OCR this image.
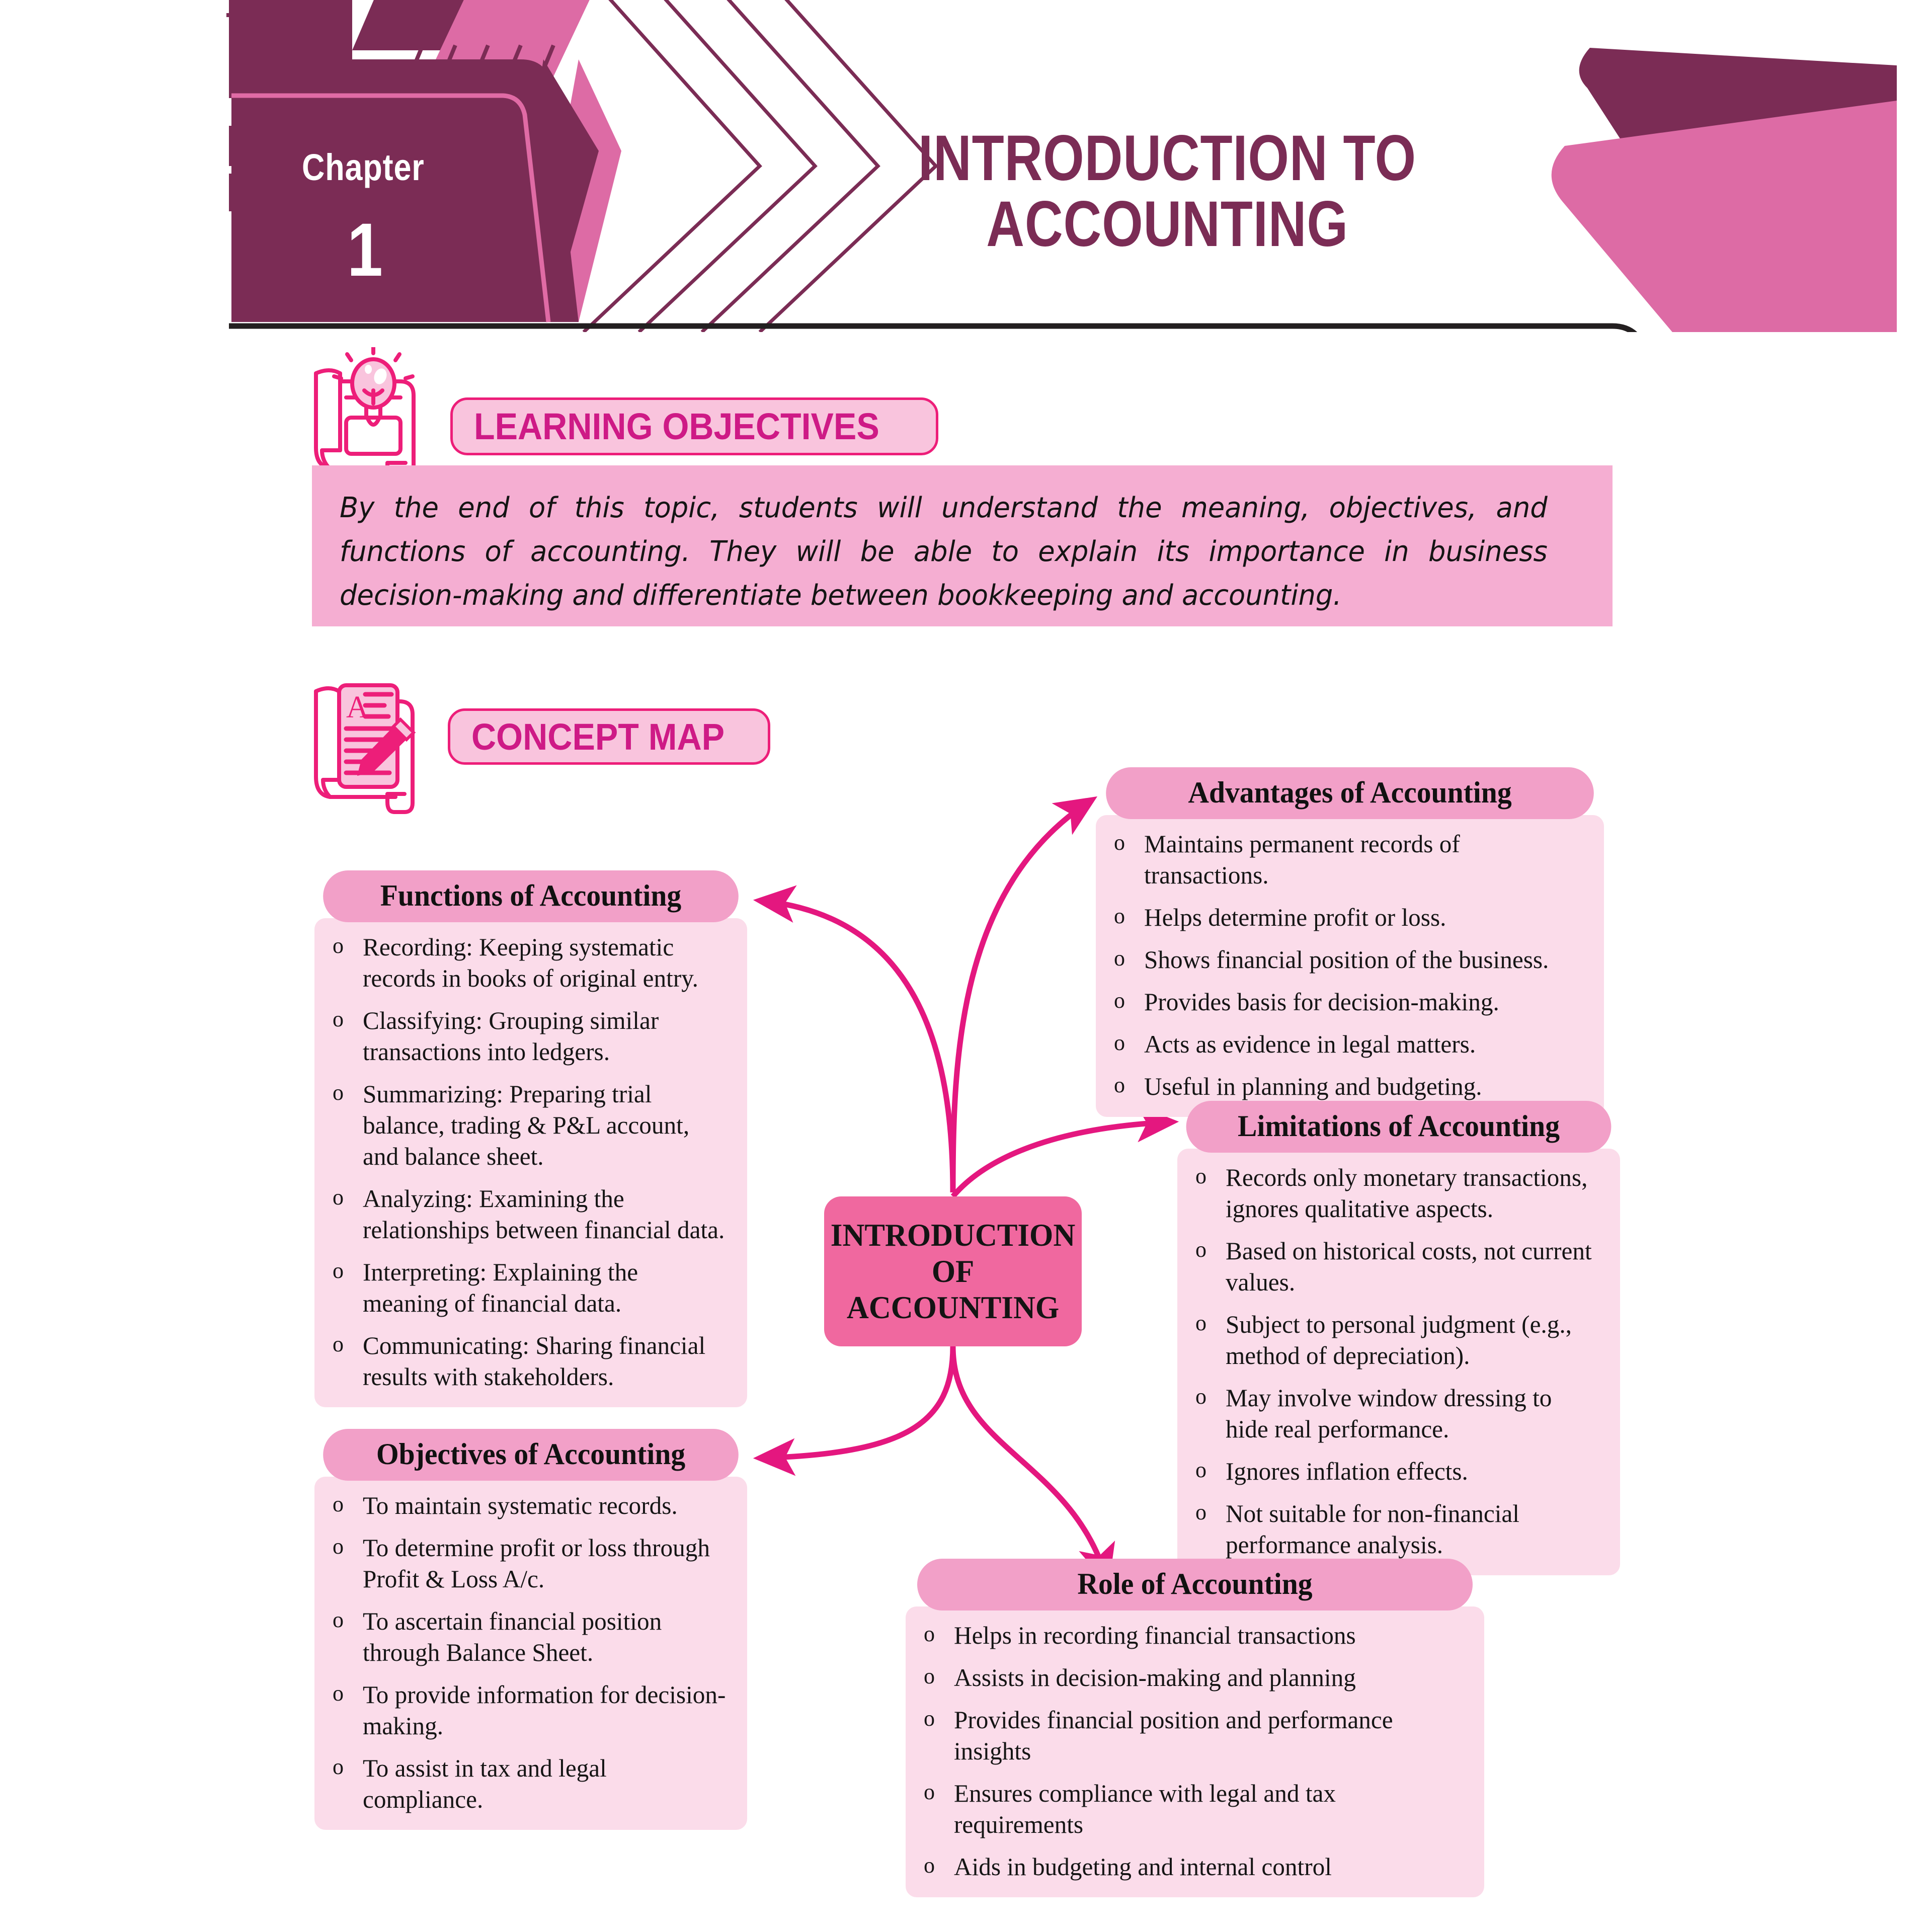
INTRODUCTION TO
ACCOUNTING
Chapter
1
LEARNING OBJECTIVES
By the end of this topic, students will understand the meaning, objectives, and functions of accounting. They will be able to explain its importance in business decision-making and differentiate between bookkeeping and accounting.
A
CONCEPT MAP
Advantages of Accounting
o Maintains permanent records of transactions.
o Helps determine profit or loss.
o Shows financial position of the business.
o Provides basis for decision-making.
o Acts as evidence in legal matters.
o Useful in planning and budgeting.
Functions of Accounting
o Recording: Keeping systematic records in books of original entry.
o Classifying: Grouping similar transactions into ledgers.
o Summarizing: Preparing trial balance, trading & P&L account, and balance sheet.
o Analyzing: Examining the relationships between financial data.
o Interpreting: Explaining the meaning of financial data.
o Communicating: Sharing financial results with stakeholders.
Limitations of Accounting
o Records only monetary transactions, ignores qualitative aspects.
o Based on historical costs, not current values.
o Subject to personal judgment (e.g., method of depreciation).
o May involve window dressing to hide real performance.
o Ignores inflation effects.
o Not suitable for non-financial performance analysis.
Objectives of Accounting
o To maintain systematic records.
o To determine profit or loss through Profit & Loss A/c.
o To ascertain financial position through Balance Sheet.
o To provide information for decision-making.
o To assist in tax and legal compliance.
Role of Accounting
o Helps in recording financial transactions
o Assists in decision-making and planning
o Provides financial position and performance insights
o Ensures compliance with legal and tax requirements
o Aids in budgeting and internal control
INTRODUCTION
OF
ACCOUNTING
